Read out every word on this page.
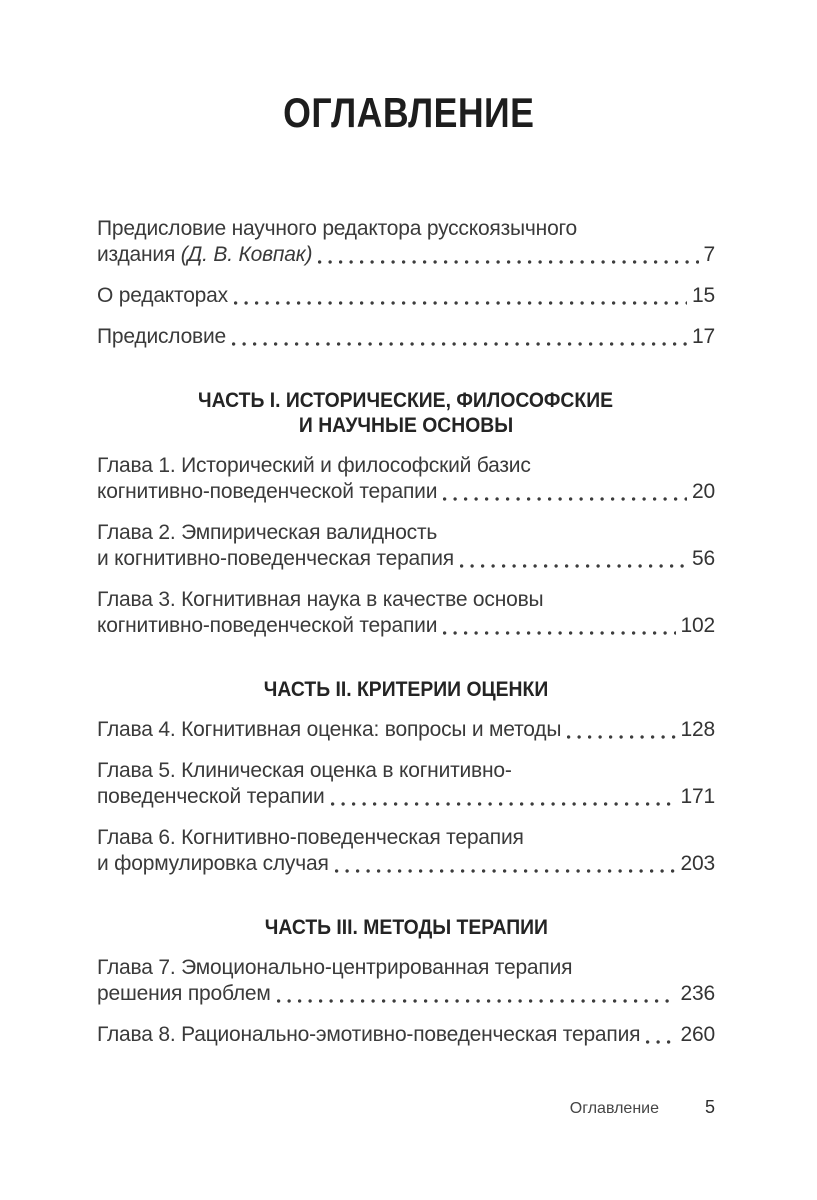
ОГЛАВЛЕНИЕ
Предисловие научного редактора русскоязычного
издания (Д. В. Ковпак)	7
О редакторах	15
Предисловие	17
ЧАСТЬ I. ИСТОРИЧЕСКИЕ, ФИЛОСОФСКИЕ
И НАУЧНЫЕ ОСНОВЫ
Глава 1. Исторический и философский базис
когнитивно-поведенческой терапии	20
Глава 2. Эмпирическая валидность
и когнитивно-поведенческая терапия	56
Глава 3. Когнитивная наука в качестве основы
когнитивно-поведенческой терапии	102
ЧАСТЬ II. КРИТЕРИИ ОЦЕНКИ
Глава 4. Когнитивная оценка: вопросы и методы	128
Глава 5. Клиническая оценка в когнитивно-
поведенческой терапии	171
Глава 6. Когнитивно-поведенческая терапия
и формулировка случая	203
ЧАСТЬ III. МЕТОДЫ ТЕРАПИИ
Глава 7. Эмоционально-центрированная терапия
решения проблем	236
Глава 8. Рационально-эмотивно-поведенческая терапия 260
Оглавление	5
